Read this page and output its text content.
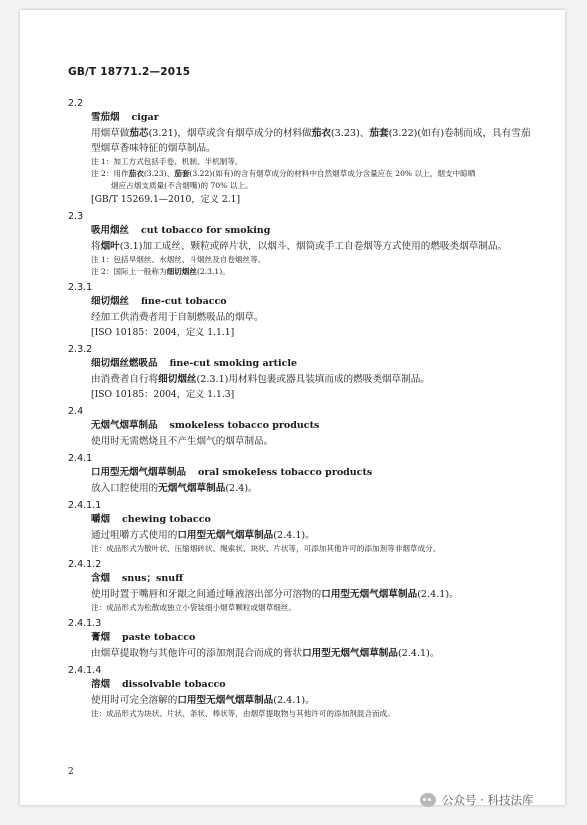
GB/T 18771.2—2015
2.2
雪茄烟 cigar
用烟草做茄芯(3.21)，烟草或含有烟草成分的材料做茄衣(3.23)、茄套(3.22)(如有)卷制而成，具有雪茄型烟草香味特征的烟草制品。
注 1：加工方式包括手卷、机制、半机制等。
注 2：用作茄衣(3.23)、茄套(3.22)(如有)的含有烟草成分的材料中自然烟草成分含量应在 20% 以上，烟支中晾晒
烟应占烟支质量(不含烟嘴)的 70% 以上。
[GB/T 15269.1—2010，定义 2.1]
2.3
吸用烟丝 cut tobacco for smoking
将烟叶(3.1)加工成丝、颗粒或碎片状，以烟斗、烟筒或手工自卷烟等方式使用的燃吸类烟草制品。
注 1：包括旱烟丝、水烟丝、斗烟丝及自卷烟丝等。
注 2：国际上一般称为细切烟丝(2.3.1)。
2.3.1
细切烟丝 fine-cut tobacco
经加工供消费者用于自制燃吸品的烟草。
[ISO 10185：2004，定义 1.1.1]
2.3.2
细切烟丝燃吸品 fine-cut smoking article
由消费者自行将细切烟丝(2.3.1)用材料包裹或器具装填而成的燃吸类烟草制品。
[ISO 10185：2004，定义 1.1.3]
2.4
无烟气烟草制品 smokeless tobacco products
使用时无需燃烧且不产生烟气的烟草制品。
2.4.1
口用型无烟气烟草制品 oral smokeless tobacco products
放入口腔使用的无烟气烟草制品(2.4)。
2.4.1.1
嚼烟 chewing tobacco
通过咀嚼方式使用的口用型无烟气烟草制品(2.4.1)。
注：成品形式为散叶状、压缩烟砖状、绳索状、块状、片状等，可添加其他许可的添加剂等非烟草成分。
2.4.1.2
含烟 snus；snuff
使用时置于嘴唇和牙龈之间通过唾液溶出部分可溶物的口用型无烟气烟草制品(2.4.1)。
注：成品形式为松散或独立小袋装细小烟草颗粒或烟草细丝。
2.4.1.3
膏烟 paste tobacco
由烟草提取物与其他许可的添加剂混合而成的膏状口用型无烟气烟草制品(2.4.1)。
2.4.1.4
溶烟 dissolvable tobacco
使用时可完全溶解的口用型无烟气烟草制品(2.4.1)。
注：成品形式为块状、片状、条状、棒状等，由烟草提取物与其他许可的添加剂混合而成。
2
公众号 · 科技法库
